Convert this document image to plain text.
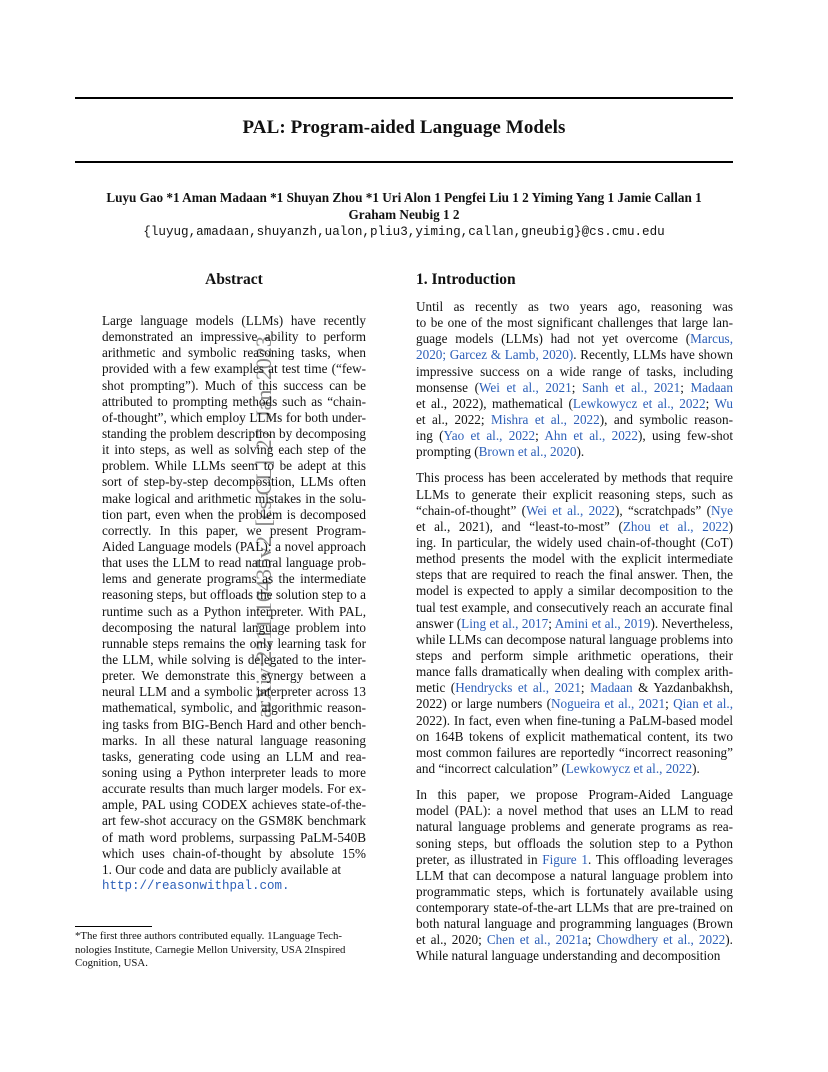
PAL: Program-aided Language Models
Luyu Gao *1 Aman Madaan *1 Shuyan Zhou *1 Uri Alon 1 Pengfei Liu 1 2 Yiming Yang 1 Jamie Callan 1
Graham Neubig 1 2
{luyug,amadaan,shuyanzh,ualon,pliu3,yiming,callan,gneubig}@cs.cmu.edu
arXiv:2211.10435v2 [cs.CL] 27 Jan 2023
Abstract
Large language models (LLMs) have recently
demonstrated an impressive ability to perform
arithmetic and symbolic reasoning tasks, when
provided with a few examples at test time (“few-
shot prompting”). Much of this success can be
attributed to prompting methods such as “chain-
of-thought”, which employ LLMs for both under-
standing the problem description by decomposing
it into steps, as well as solving each step of the
problem. While LLMs seem to be adept at this
sort of step-by-step decomposition, LLMs often
make logical and arithmetic mistakes in the solu-
tion part, even when the problem is decomposed
correctly. In this paper, we present Program-
Aided Language models (PAL): a novel approach
that uses the LLM to read natural language prob-
lems and generate programs as the intermediate
reasoning steps, but offloads the solution step to a
runtime such as a Python interpreter. With PAL,
decomposing the natural language problem into
runnable steps remains the only learning task for
the LLM, while solving is delegated to the inter-
preter. We demonstrate this synergy between a
neural LLM and a symbolic interpreter across 13
mathematical, symbolic, and algorithmic reason-
ing tasks from BIG-Bench Hard and other bench-
marks. In all these natural language reasoning
tasks, generating code using an LLM and rea-
soning using a Python interpreter leads to more
accurate results than much larger models. For ex-
ample, PAL using CODEX achieves state-of-the-
art few-shot accuracy on the GSM8K benchmark
of math word problems, surpassing PaLM-540B
which uses chain-of-thought by absolute 15%
1. Our code and data are publicly available at
http://reasonwithpal.com.
1. Introduction
Until as recently as two years ago, reasoning was
to be one of the most significant challenges that large lan-
guage models (LLMs) had not yet overcome (Marcus,
2020; Garcez & Lamb, 2020). Recently, LLMs have shown
impressive success on a wide range of tasks, including
monsense (Wei et al., 2021; Sanh et al., 2021; Madaan
et al., 2022), mathematical (Lewkowycz et al., 2022; Wu
et al., 2022; Mishra et al., 2022), and symbolic reason-
ing (Yao et al., 2022; Ahn et al., 2022), using few-shot
prompting (Brown et al., 2020).
This process has been accelerated by methods that require
LLMs to generate their explicit reasoning steps, such as
“chain-of-thought” (Wei et al., 2022), “scratchpads” (Nye
et al., 2021), and “least-to-most” (Zhou et al., 2022)
ing. In particular, the widely used chain-of-thought (CoT)
method presents the model with the explicit intermediate
steps that are required to reach the final answer. Then, the
model is expected to apply a similar decomposition to the
tual test example, and consecutively reach an accurate final
answer (Ling et al., 2017; Amini et al., 2019). Nevertheless,
while LLMs can decompose natural language problems into
steps and perform simple arithmetic operations, their
mance falls dramatically when dealing with complex arith-
metic (Hendrycks et al., 2021; Madaan & Yazdanbakhsh,
2022) or large numbers (Nogueira et al., 2021; Qian et al.,
2022). In fact, even when fine-tuning a PaLM-based model
on 164B tokens of explicit mathematical content, its two
most common failures are reportedly “incorrect reasoning”
and “incorrect calculation” (Lewkowycz et al., 2022).
In this paper, we propose Program-Aided Language
model (PAL): a novel method that uses an LLM to read
natural language problems and generate programs as rea-
soning steps, but offloads the solution step to a Python
preter, as illustrated in Figure 1. This offloading leverages
LLM that can decompose a natural language problem into
programmatic steps, which is fortunately available using
contemporary state-of-the-art LLMs that are pre-trained on
both natural language and programming languages (Brown
et al., 2020; Chen et al., 2021a; Chowdhery et al., 2022).
While natural language understanding and decomposition
*The first three authors contributed equally. 1Language Tech-
nologies Institute, Carnegie Mellon University, USA 2Inspired
Cognition, USA.
